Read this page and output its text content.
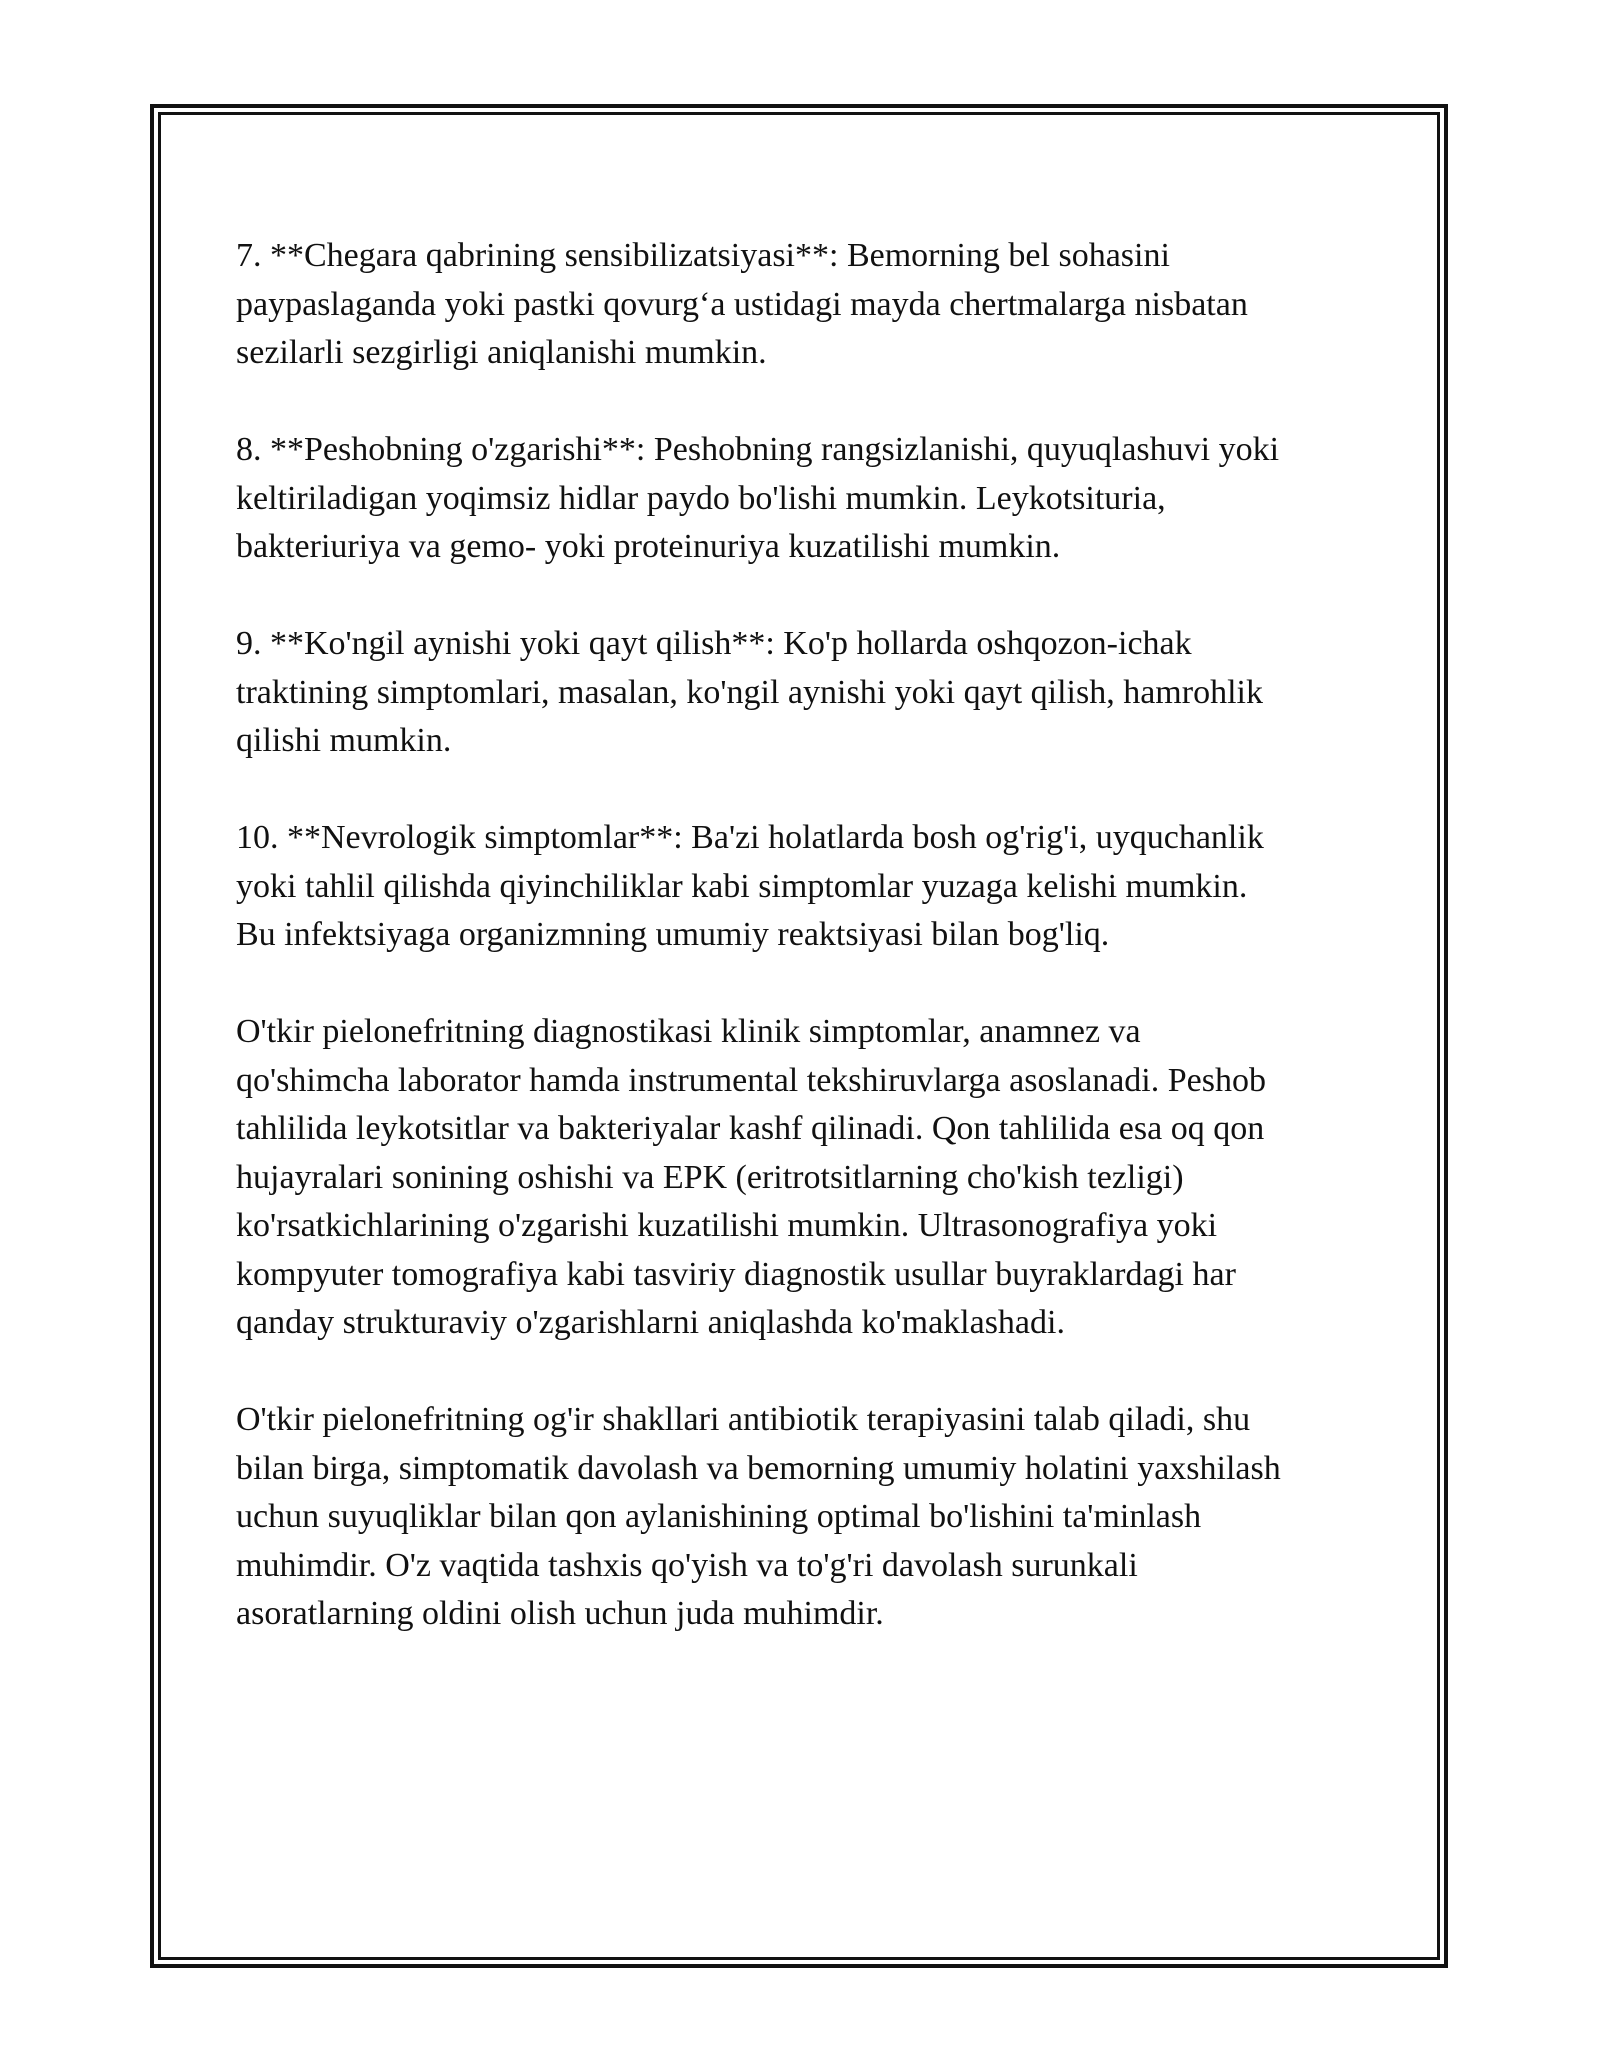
7. **Chegara qabrining sensibilizatsiyasi**: Bemorning bel sohasini
paypaslaganda yoki pastki qovurg‘a ustidagi mayda chertmalarga nisbatan
sezilarli sezgirligi aniqlanishi mumkin.

8. **Peshobning o'zgarishi**: Peshobning rangsizlanishi, quyuqlashuvi yoki
keltiriladigan yoqimsiz hidlar paydo bo'lishi mumkin. Leykotsituria,
bakteriuriya va gemo- yoki proteinuriya kuzatilishi mumkin.

9. **Ko'ngil aynishi yoki qayt qilish**: Ko'p hollarda oshqozon-ichak
traktining simptomlari, masalan, ko'ngil aynishi yoki qayt qilish, hamrohlik
qilishi mumkin.

10. **Nevrologik simptomlar**: Ba'zi holatlarda bosh og'rig'i, uyquchanlik
yoki tahlil qilishda qiyinchiliklar kabi simptomlar yuzaga kelishi mumkin.
Bu infektsiyaga organizmning umumiy reaktsiyasi bilan bog'liq.

O'tkir pielonefritning diagnostikasi klinik simptomlar, anamnez va
qo'shimcha laborator hamda instrumental tekshiruvlarga asoslanadi. Peshob
tahlilida leykotsitlar va bakteriyalar kashf qilinadi. Qon tahlilida esa oq qon
hujayralari sonining oshishi va EPK (eritrotsitlarning cho'kish tezligi)
ko'rsatkichlarining o'zgarishi kuzatilishi mumkin. Ultrasonografiya yoki
kompyuter tomografiya kabi tasviriy diagnostik usullar buyraklardagi har
qanday strukturaviy o'zgarishlarni aniqlashda ko'maklashadi.

O'tkir pielonefritning og'ir shakllari antibiotik terapiyasini talab qiladi, shu
bilan birga, simptomatik davolash va bemorning umumiy holatini yaxshilash
uchun suyuqliklar bilan qon aylanishining optimal bo'lishini ta'minlash
muhimdir. O'z vaqtida tashxis qo'yish va to'g'ri davolash surunkali
asoratlarning oldini olish uchun juda muhimdir.
